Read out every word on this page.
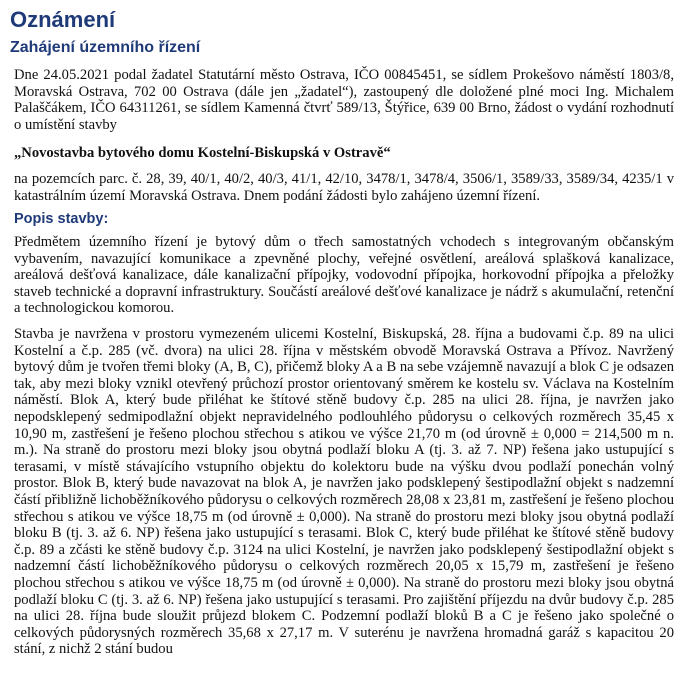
Oznámení
Zahájení územního řízení
Dne 24.05.2021 podal žadatel Statutární město Ostrava, IČO 00845451, se sídlem Prokešovo náměstí 1803/8, Moravská Ostrava, 702 00 Ostrava (dále jen „žadatel“), zastoupený dle doložené plné moci Ing. Michalem Palaščákem, IČO 64311261, se sídlem Kamenná čtvrť 589/13, Štýřice, 639 00 Brno, žádost o vydání rozhodnutí o umístění stavby
„Novostavba bytového domu Kostelní-Biskupská v Ostravě“
na pozemcích parc. č. 28, 39, 40/1, 40/2, 40/3, 41/1, 42/10, 3478/1, 3478/4, 3506/1, 3589/33, 3589/34, 4235/1 v katastrálním území Moravská Ostrava. Dnem podání žádosti bylo zahájeno územní řízení.
Popis stavby:
Předmětem územního řízení je bytový dům o třech samostatných vchodech s integrovaným občanským vybavením, navazující komunikace a zpevněné plochy, veřejné osvětlení, areálová splašková kanalizace, areálová dešťová kanalizace, dále kanalizační přípojky, vodovodní přípojka, horkovodní přípojka a přeložky staveb technické a dopravní infrastruktury. Součástí areálové dešťové kanalizace je nádrž s akumulační, retenční a technologickou komorou.
Stavba je navržena v prostoru vymezeném ulicemi Kostelní, Biskupská, 28. října a budovami č.p. 89 na ulici Kostelní a č.p. 285 (vč. dvora) na ulici 28. října v městském obvodě Moravská Ostrava a Přívoz. Navržený bytový dům je tvořen třemi bloky (A, B, C), přičemž bloky A a B na sebe vzájemně navazují a blok C je odsazen tak, aby mezi bloky vznikl otevřený průchozí prostor orientovaný směrem ke kostelu sv. Václava na Kostelním náměstí. Blok A, který bude přiléhat ke štítové stěně budovy č.p. 285 na ulici 28. října, je navržen jako nepodsklepený sedmipodlažní objekt nepravidelného podlouhlého půdorysu o celkových rozměrech 35,45 x 10,90 m, zastřešení je řešeno plochou střechou s atikou ve výšce 21,70 m (od úrovně ± 0,000 = 214,500 m n. m.). Na straně do prostoru mezi bloky jsou obytná podlaží bloku A (tj. 3. až 7. NP) řešena jako ustupující s terasami, v místě stávajícího vstupního objektu do kolektoru bude na výšku dvou podlaží ponechán volný prostor. Blok B, který bude navazovat na blok A, je navržen jako podsklepený šestipodlažní objekt s nadzemní částí přibližně lichoběžníkového půdorysu o celkových rozměrech 28,08 x 23,81 m, zastřešení je řešeno plochou střechou s atikou ve výšce 18,75 m (od úrovně ± 0,000). Na straně do prostoru mezi bloky jsou obytná podlaží bloku B (tj. 3. až 6. NP) řešena jako ustupující s terasami. Blok C, který bude přiléhat ke štítové stěně budovy č.p. 89 a zčásti ke stěně budovy č.p. 3124 na ulici Kostelní, je navržen jako podsklepený šestipodlažní objekt s nadzemní částí lichoběžníkového půdorysu o celkových rozměrech 20,05 x 15,79 m, zastřešení je řešeno plochou střechou s atikou ve výšce 18,75 m (od úrovně ± 0,000). Na straně do prostoru mezi bloky jsou obytná podlaží bloku C (tj. 3. až 6. NP) řešena jako ustupující s terasami. Pro zajištění příjezdu na dvůr budovy č.p. 285 na ulici 28. října bude sloužit průjezd blokem C. Podzemní podlaží bloků B a C je řešeno jako společné o celkových půdorysných rozměrech 35,68 x 27,17 m. V suterénu je navržena hromadná garáž s kapacitou 20 stání, z nichž 2 stání budou
